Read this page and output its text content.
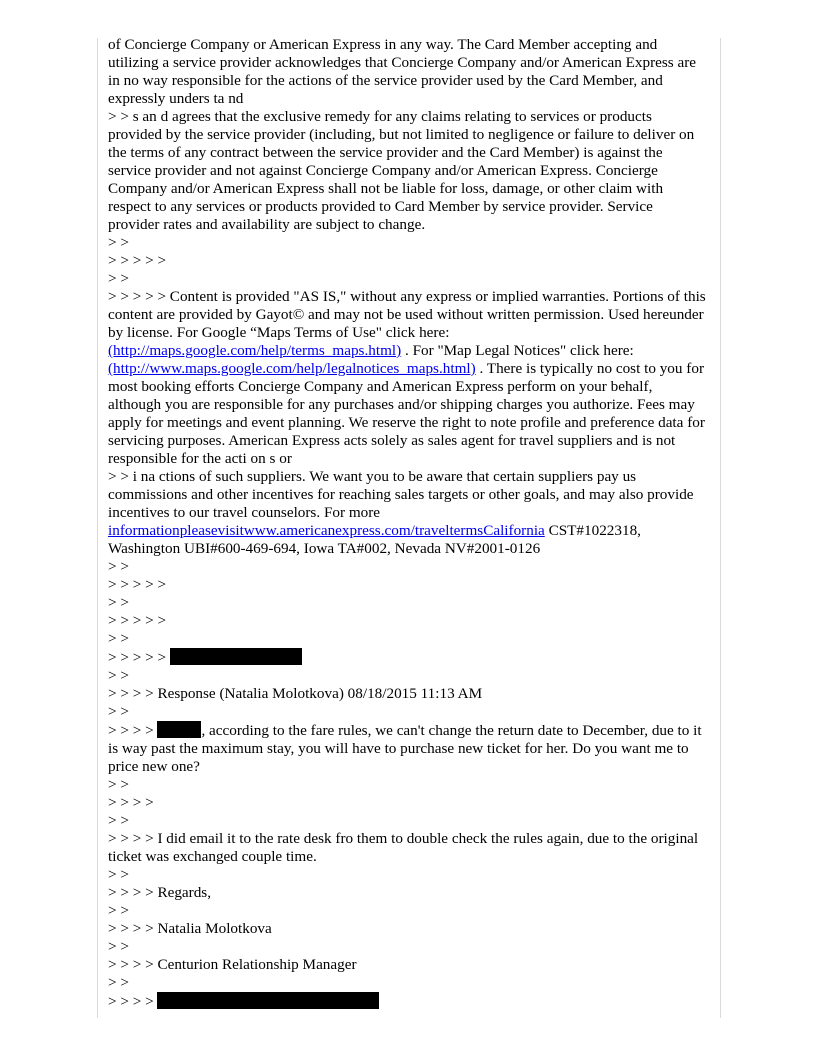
of Concierge Company or American Express in any way. The Card Member accepting and utilizing a service provider acknowledges that Concierge Company and/or American Express are in no way responsible for the actions of the service provider used by the Card Member, and expressly unders ta nd

> > s an d agrees that the exclusive remedy for any claims relating to services or products provided by the service provider (including, but not limited to negligence or failure to deliver on the terms of any contract between the service provider and the Card Member) is against the service provider and not against Concierge Company and/or American Express. Concierge Company and/or American Express shall not be liable for loss, damage, or other claim with respect to any services or products provided to Card Member by service provider. Service provider rates and availability are subject to change.

> >

> > > > >

> >

> > > > > Content is provided "AS IS," without any express or implied warranties. Portions of this content are provided by Gayot© and may not be used without written permission. Used hereunder by license. For Google “Maps Terms of Use" click here: (http://maps.google.com/help/terms_maps.html) . For "Map Legal Notices" click here: (http://www.maps.google.com/help/legalnotices_maps.html) . There is typically no cost to you for most booking efforts Concierge Company and American Express perform on your behalf, although you are responsible for any purchases and/or shipping charges you authorize. Fees may apply for meetings and event planning. We reserve the right to note profile and preference data for servicing purposes. American Express acts solely as sales agent for travel suppliers and is not responsible for the acti on s or

> > i na ctions of such suppliers. We want you to be aware that certain suppliers pay us commissions and other incentives for reaching sales targets or other goals, and may also provide incentives to our travel counselors. For more informationpleasevisitwww.americanexpress.com/traveltermsCalifornia CST#1022318, Washington UBI#600-469-694, Iowa TA#002, Nevada NV#2001-0126

> >

> > > > >

> >

> > > > >

> >

> > > > >

> >

> > > > Response (Natalia Molotkova) 08/18/2015 11:13 AM

> >

> > > >	, according to the fare rules, we can't change the return date to December, due to it is way past the maximum stay, you will have to purchase new ticket for her. Do you want me to price new one?

> >

> > > >

> >

> > > > I did email it to the rate desk fro them to double check the rules again, due to the original ticket was exchanged couple time.

> >

> > > > Regards,

> >

> > > > Natalia Molotkova

> >

> > > > Centurion Relationship Manager

> >

> > > >
